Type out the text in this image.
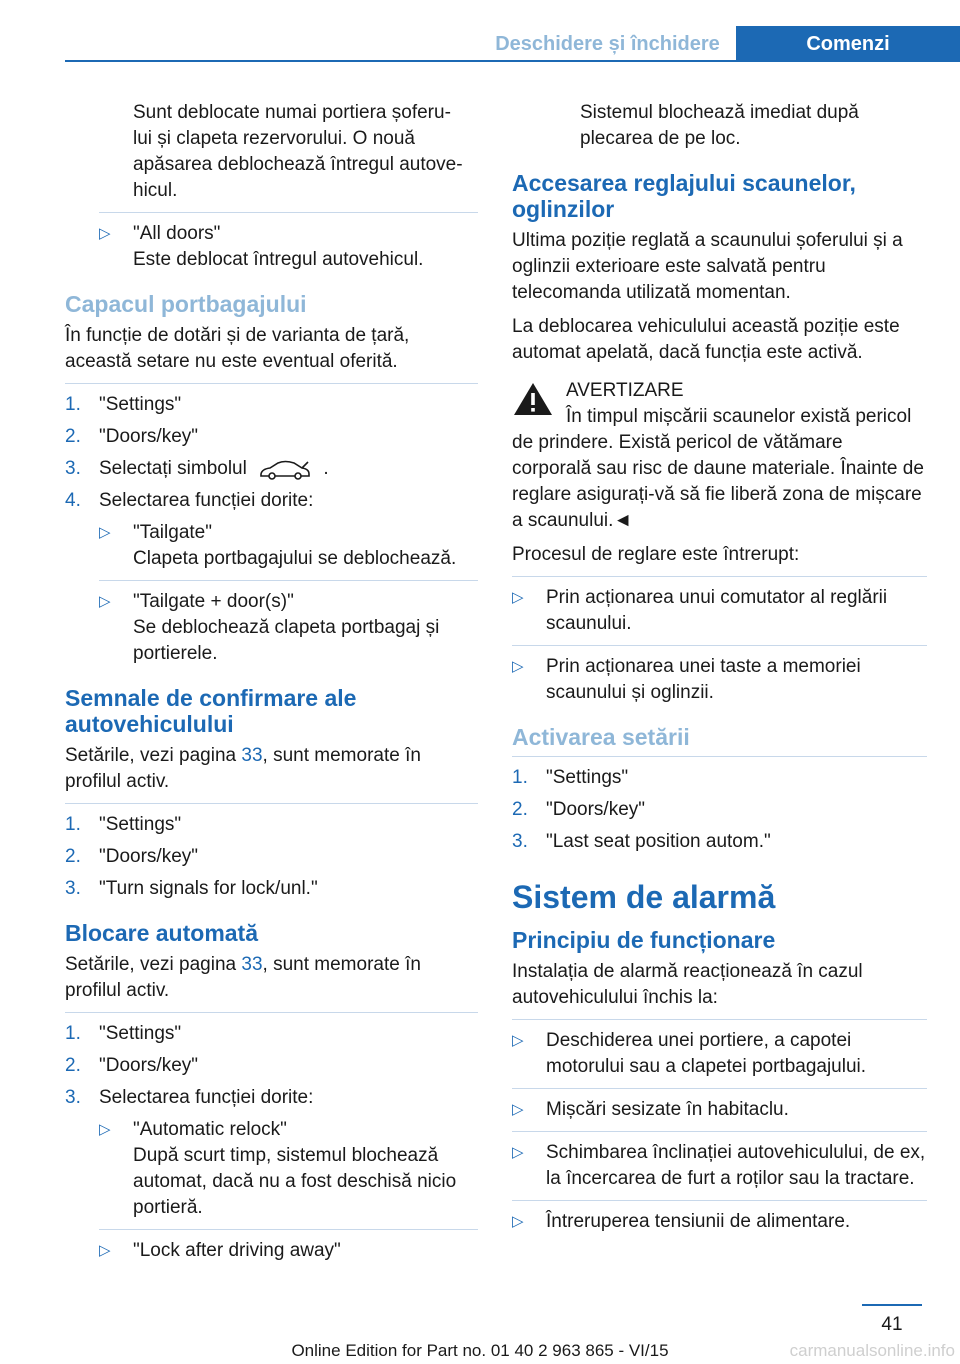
Deschidere și închidere	Comenzi
Sunt deblocate numai portiera șoferu-
lui și clapeta rezervorului. O nouă
apăsarea deblochează întregul autove-
hicul.
▷ "All doors"
Este deblocat întregul autovehicul.
Capacul portbagajului

În funcție de dotări și de varianta de țară, această setare nu este eventual oferită.

1. "Settings"
2. "Doors/key"
3. Selectați simbolul	.
4. Selectarea funcției dorite:
▷ "Tailgate"
Clapeta portbagajului se deblochează.
▷ "Tailgate + door(s)"
Se deblochează clapeta portbagaj și portierele.
Semnale de confirmare ale autovehiculului

Setările, vezi pagina 33, sunt memorate în profilul activ.

1. "Settings"
2. "Doors/key"
3. "Turn signals for lock/unl."
Blocare automată

Setările, vezi pagina 33, sunt memorate în profilul activ.

1. "Settings"
2. "Doors/key"
3. Selectarea funcției dorite:
▷ "Automatic relock"
După scurt timp, sistemul blochează automat, dacă nu a fost deschisă nicio portieră.
▷ "Lock after driving away"

Sistemul blochează imediat după plecarea de pe loc.

Accesarea reglajului scaunelor, oglinzilor

Ultima poziție reglată a scaunului șoferului și a oglinzii exterioare este salvată pentru telecomanda utilizată momentan.

La deblocarea vehiculului această poziție este automat apelată, dacă funcția este activă.

AVERTIZARE
În timpul mișcării scaunelor există pericol de prindere. Există pericol de vătămare corporală sau risc de daune materiale. Înainte de reglare asigurați-vă să fie liberă zona de mișcare a scaunului.◄

Procesul de reglare este întrerupt:

▷ Prin acționarea unui comutator al reglării scaunului.
▷ Prin acționarea unei taste a memoriei scaunului și oglinzii.
Activarea setării
1. "Settings"
2. "Doors/key"
3. "Last seat position autom."
Sistem de alarmă
Principiu de funcționare

Instalația de alarmă reacționează în cazul autovehiculului închis la:

▷ Deschiderea unei portiere, a capotei motorului sau a clapetei portbagajului.
▷ Mișcări sesizate în habitaclu.
▷ Schimbarea înclinației autovehiculului, de ex, la încercarea de furt a roților sau la tractare.
▷ Întreruperea tensiunii de alimentare.
41
Online Edition for Part no. 01 40 2 963 865 - VI/15	carmanualsonline.info
